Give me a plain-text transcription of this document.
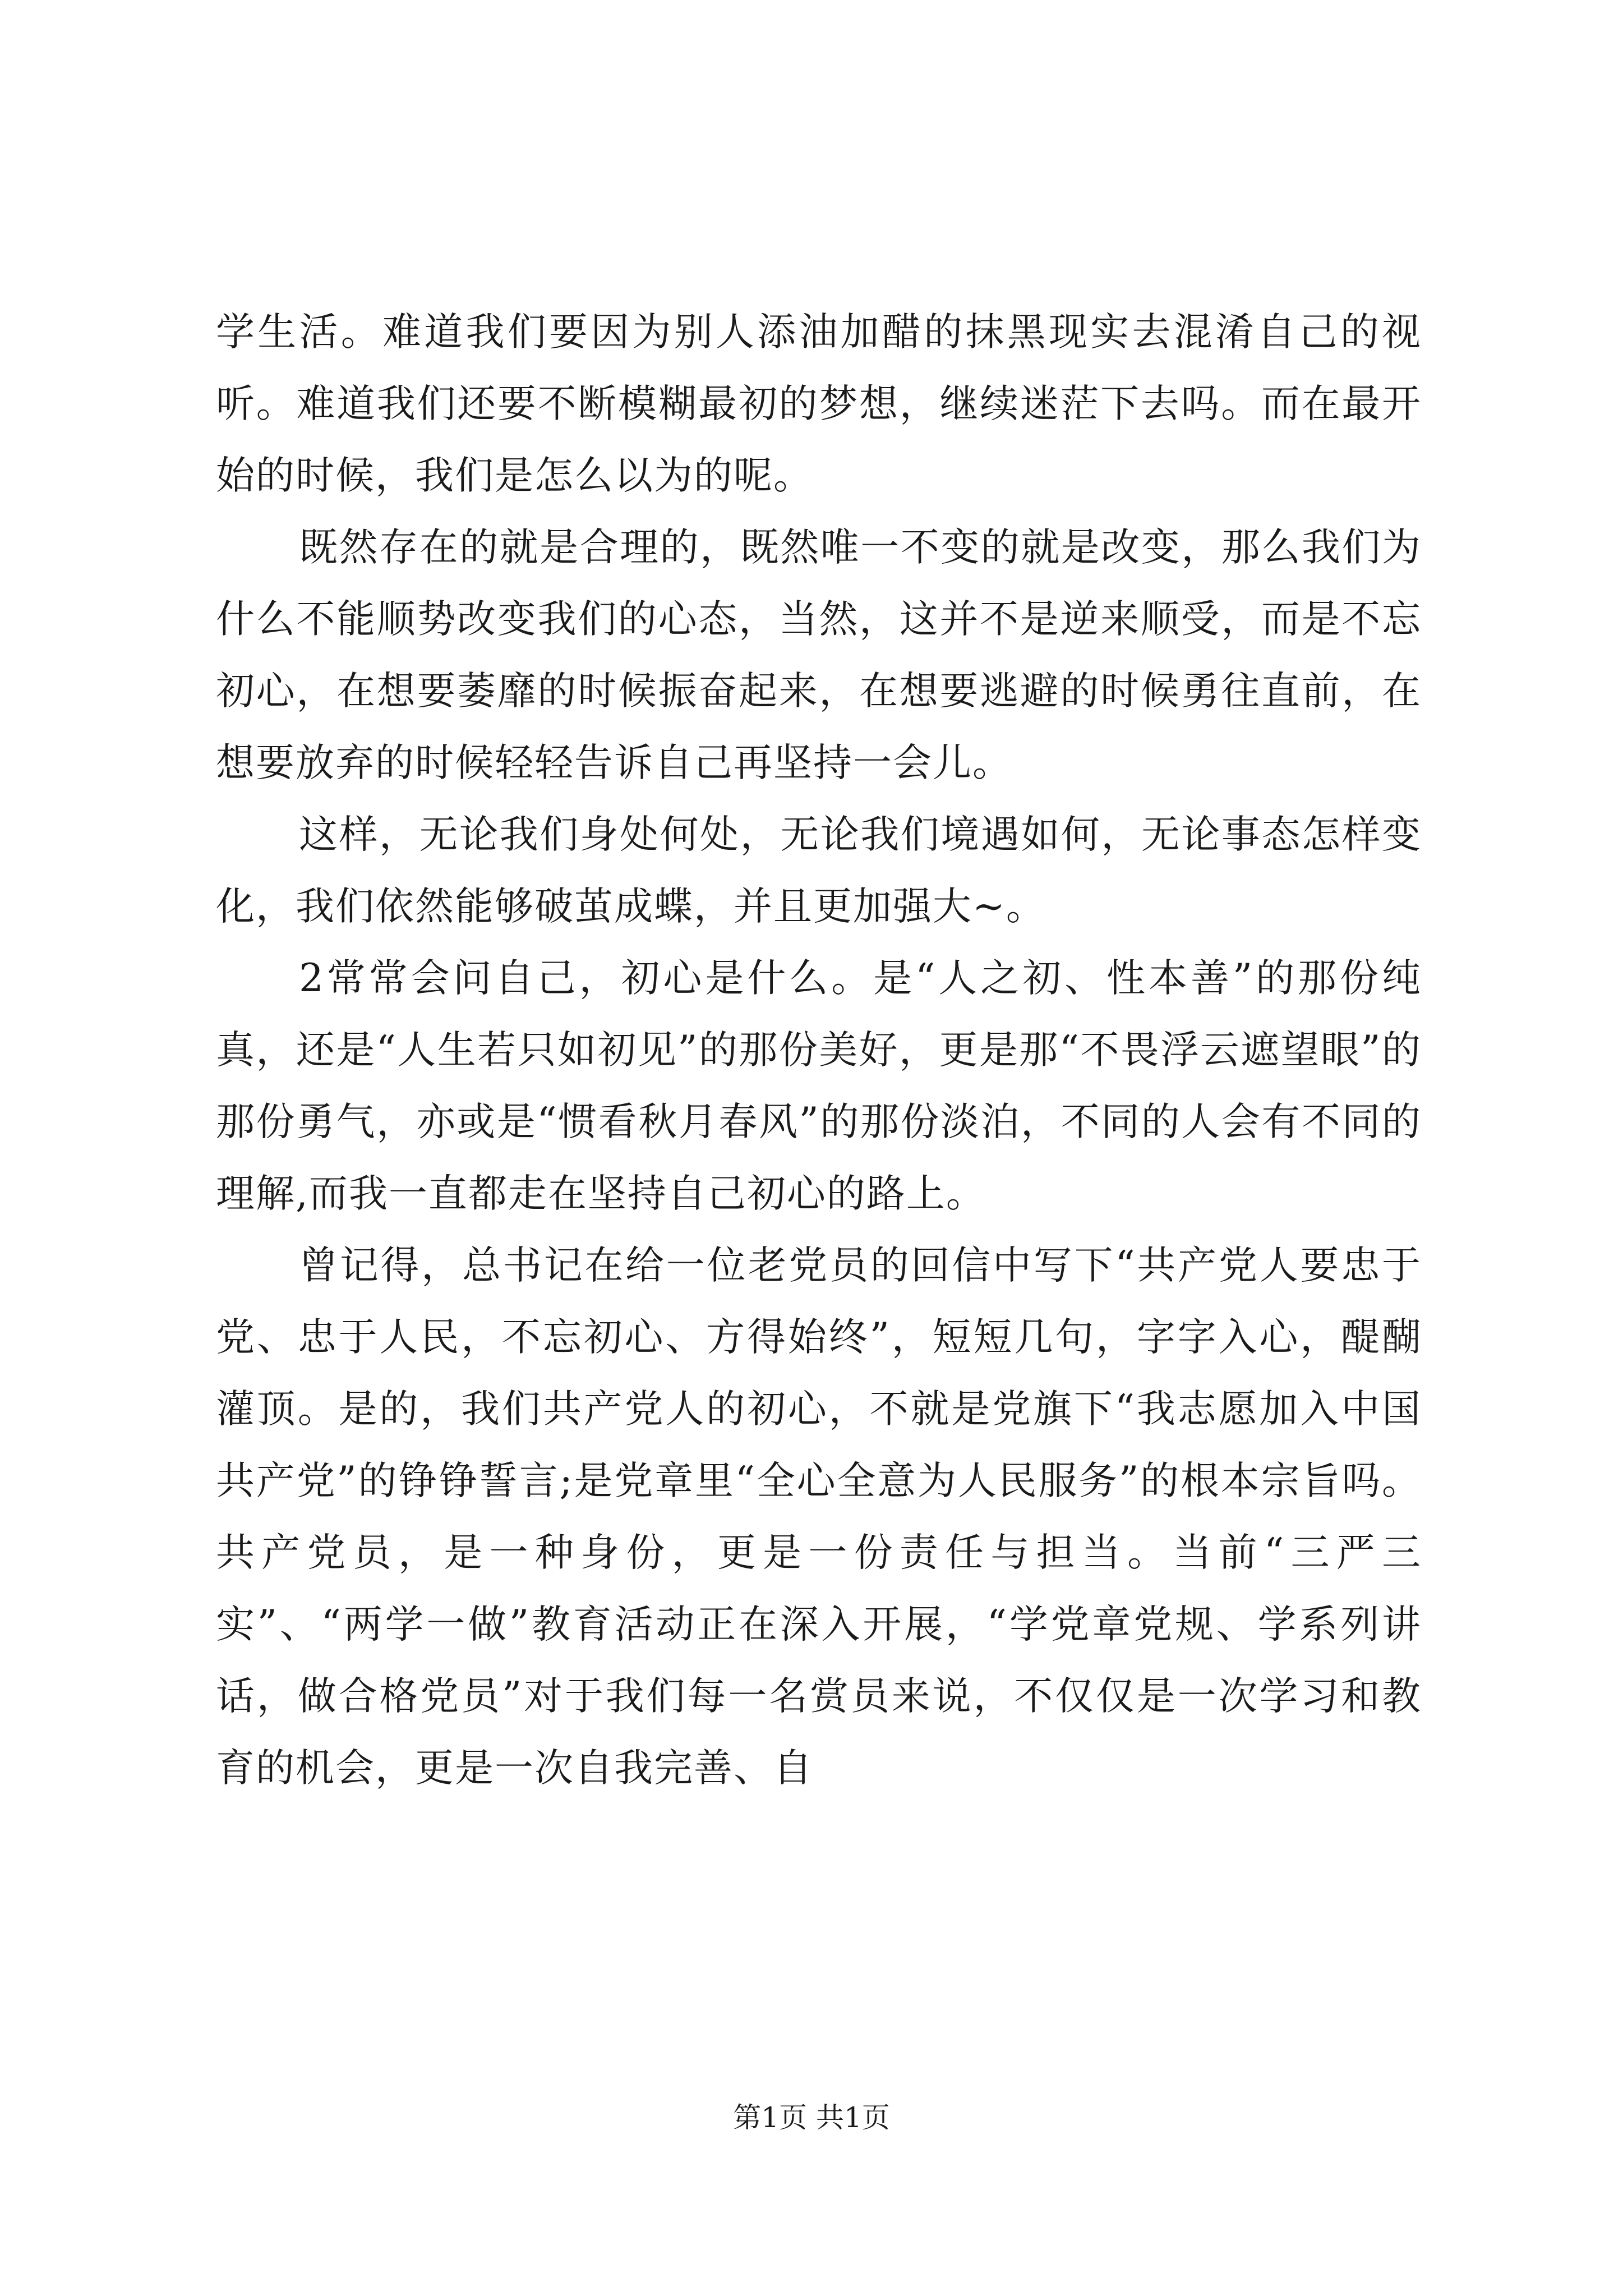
学生活。难道我们要因为别人添油加醋的抹黑现实去混淆自己的视听。难道我们还要不断模糊最初的梦想，继续迷茫下去吗。而在最开始的时候，我们是怎么以为的呢。

既然存在的就是合理的，既然唯一不变的就是改变，那么我们为什么不能顺势改变我们的心态，当然，这并不是逆来顺受，而是不忘初心，在想要萎靡的时候振奋起来，在想要逃避的时候勇往直前，在想要放弃的时候轻轻告诉自己再坚持一会儿。

这样，无论我们身处何处，无论我们境遇如何，无论事态怎样变化，我们依然能够破茧成蝶，并且更加强大~。

2常常会问自己，初心是什么。是“人之初、性本善”的那份纯真，还是“人生若只如初见”的那份美好，更是那“不畏浮云遮望眼”的那份勇气，亦或是“惯看秋月春风”的那份淡泊，不同的人会有不同的理解,而我一直都走在坚持自己初心的路上。

曾记得，总书记在给一位老党员的回信中写下“共产党人要忠于党、忠于人民，不忘初心、方得始终”，短短几句，字字入心，醍醐灌顶。是的，我们共产党人的初心，不就是党旗下“我志愿加入中国共产党”的铮铮誓言;是党章里“全心全意为人民服务”的根本宗旨吗。共产党员，是一种身份，更是一份责任与担当。当前“三严三实”、“两学一做”教育活动正在深入开展，“学党章党规、学系列讲话，做合格党员”对于我们每一名赏员来说，不仅仅是一次学习和教育的机会，更是一次自我完善、自

第1页 共1页
